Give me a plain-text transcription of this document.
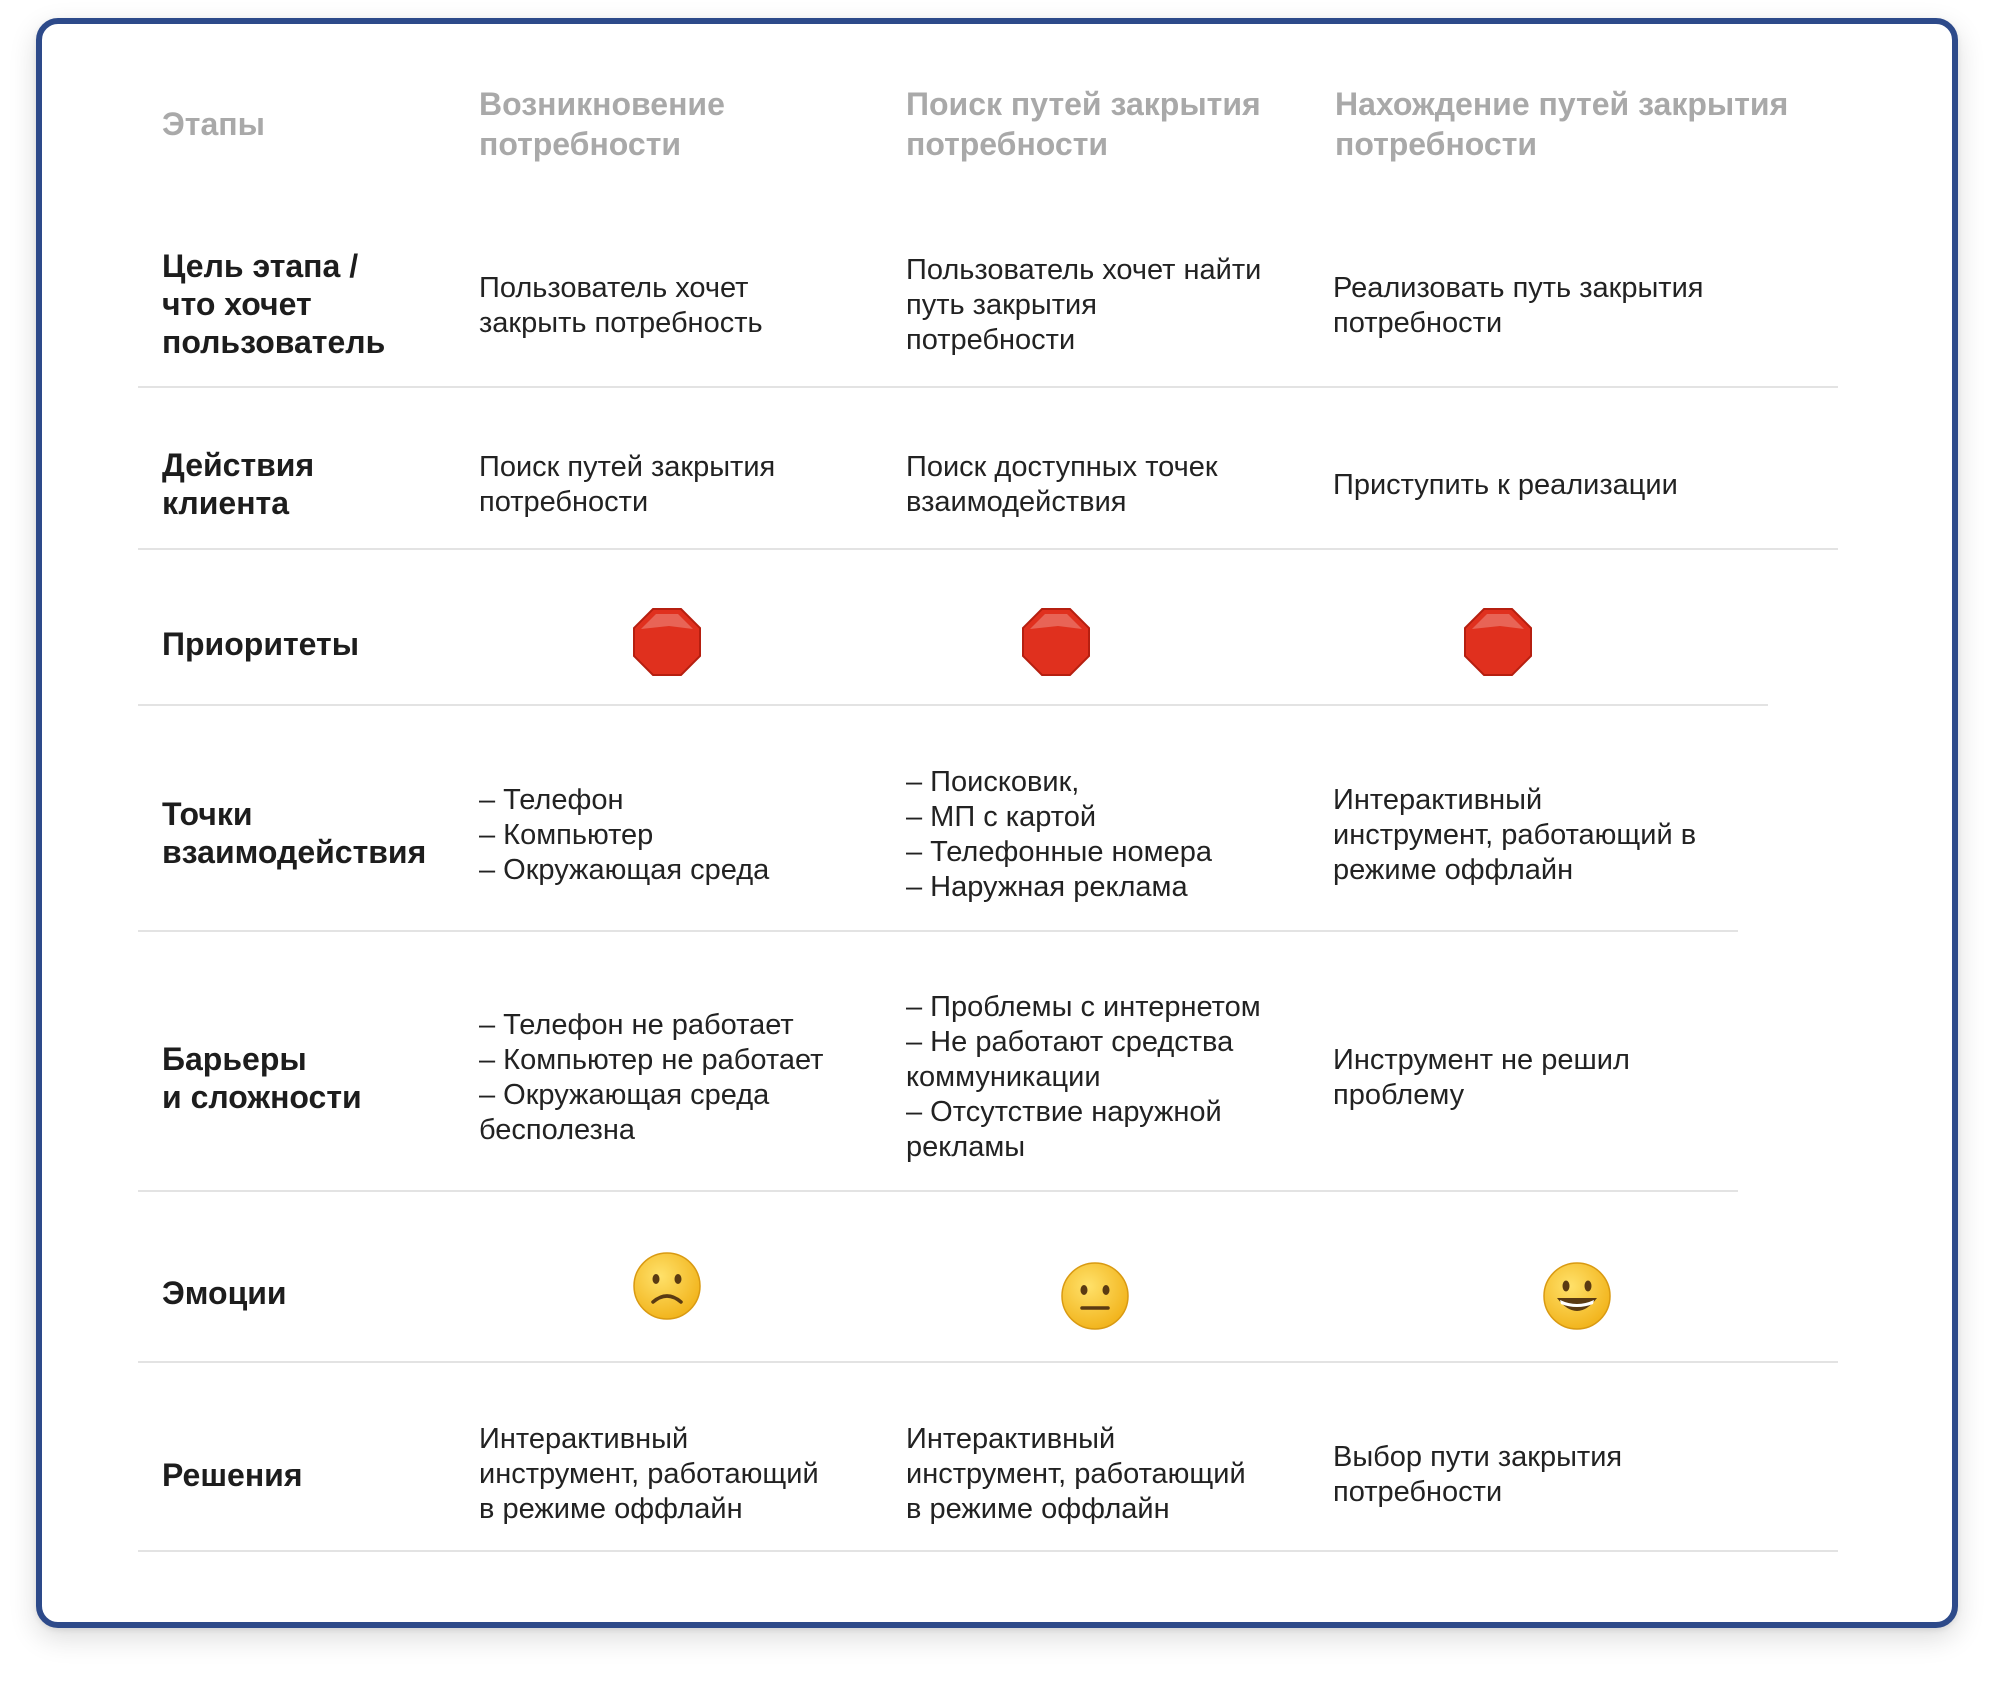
Этапы
Возникновение
потребности
Поиск путей закрытия
потребности
Нахождение путей закрытия
потребности
Цель этапа /
что хочет
пользователь
Пользователь хочет
закрыть потребность
Пользователь хочет найти
путь закрытия
потребности
Реализовать путь закрытия
потребности
Действия
клиента
Поиск путей закрытия
потребности
Поиск доступных точек
взаимодействия
Приступить к реализации
Приоритеты
Точки
взаимодействия
– Телефон
– Компьютер
– Окружающая среда
– Поисковик,
– МП с картой
– Телефонные номера
– Наружная реклама
Интерактивный
инструмент, работающий в
режиме оффлайн
Барьеры
и сложности
– Телефон не работает
– Компьютер не работает
– Окружающая среда
бесполезна
– Проблемы с интернетом
– Не работают средства
коммуникации
– Отсутствие наружной
рекламы
Инструмент не решил
проблему
Эмоции
Решения
Интерактивный
инструмент, работающий
в режиме оффлайн
Интерактивный
инструмент, работающий
в режиме оффлайн
Выбор пути закрытия
потребности
